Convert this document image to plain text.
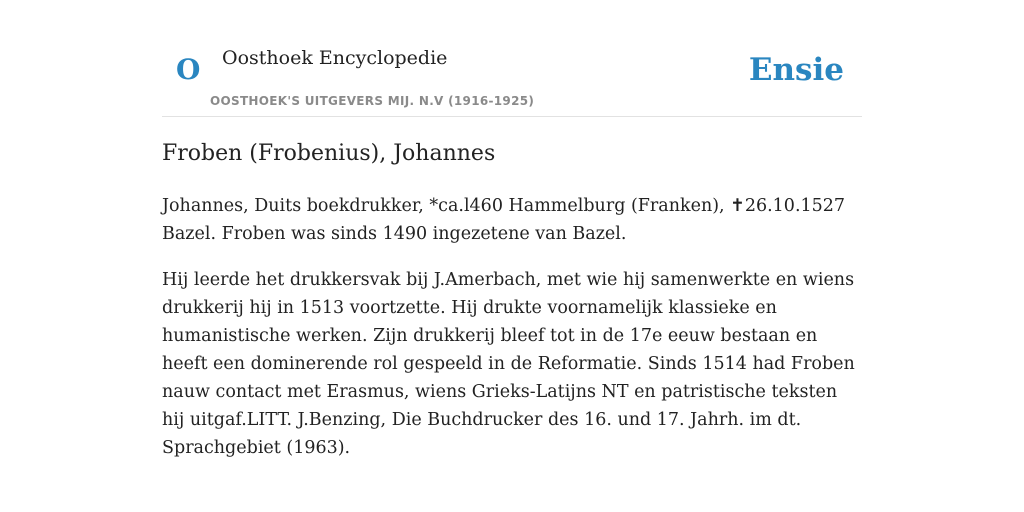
O Oosthoek Encyclopedie
OOSTHOEK'S UITGEVERS MIJ. N.V (1916-1925)
Ensie
Froben (Frobenius), Johannes

Johannes, Duits boekdrukker, *ca.l460 Hammelburg (Franken), ✝26.10.1527 Bazel. Froben was sinds 1490 ingezetene van Bazel.

Hij leerde het drukkersvak bij J.Amerbach, met wie hij samenwerkte en wiens drukkerij hij in 1513 voortzette. Hij drukte voornamelijk klassieke en humanistische werken. Zijn drukkerij bleef tot in de 17e eeuw bestaan en heeft een dominerende rol gespeeld in de Reformatie. Sinds 1514 had Froben nauw contact met Erasmus, wiens Grieks-Latijns NT en patristische teksten hij uitgaf.LITT. J.Benzing, Die Buchdrucker des 16. und 17. Jahrh. im dt. Sprachgebiet (1963).
